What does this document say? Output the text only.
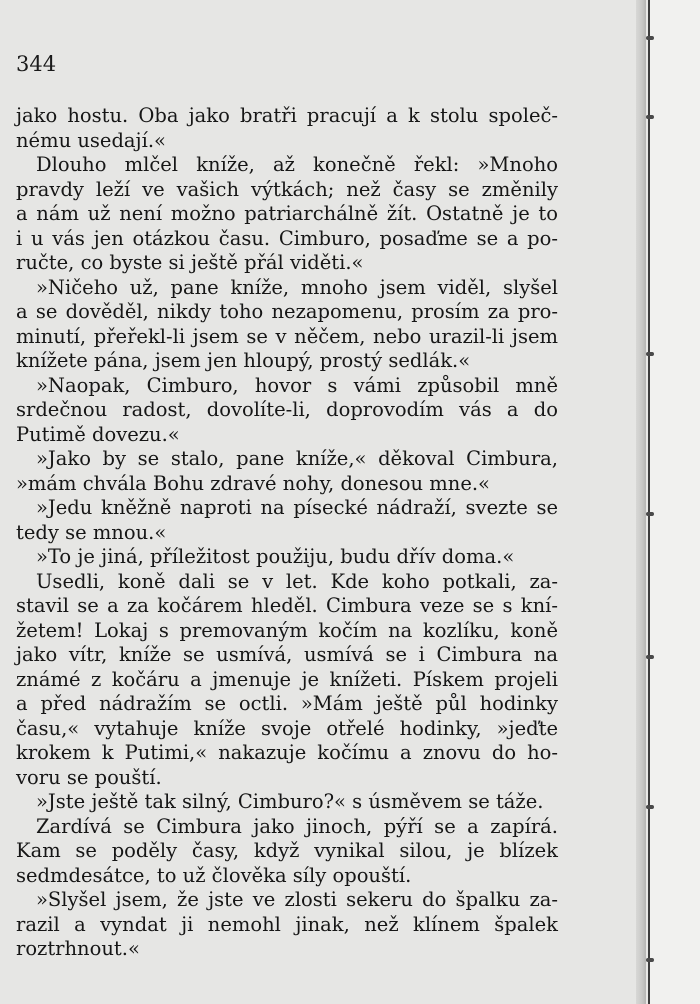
344

jako hostu. Oba jako bratři pracují a k stolu společ-

nému usedají.«

Dlouho mlčel kníže, až konečně řekl: »Mnoho

pravdy leží ve vašich výtkách; než časy se změnily

a nám už není možno patriarchálně žít. Ostatně je to

i u vás jen otázkou času. Cimburo, posaďme se a po-

ručte, co byste si ještě přál viděti.«

»Ničeho už, pane kníže, mnoho jsem viděl, slyšel

a se dověděl, nikdy toho nezapomenu, prosím za pro-

minutí, přeřekl-li jsem se v něčem, nebo urazil-li jsem

knížete pána, jsem jen hloupý, prostý sedlák.«

»Naopak, Cimburo, hovor s vámi způsobil mně

srdečnou radost, dovolíte-li, doprovodím vás a do

Putimě dovezu.«

»Jako by se stalo, pane kníže,« děkoval Cimbura,

»mám chvála Bohu zdravé nohy, donesou mne.«

»Jedu kněžně naproti na písecké nádraží, svezte se

tedy se mnou.«

»To je jiná, příležitost použiju, budu dřív doma.«

Usedli, koně dali se v let. Kde koho potkali, za-

stavil se a za kočárem hleděl. Cimbura veze se s kní-

žetem! Lokaj s premovaným kočím na kozlíku, koně

jako vítr, kníže se usmívá, usmívá se i Cimbura na

známé z kočáru a jmenuje je knížeti. Pískem projeli

a před nádražím se octli. »Mám ještě půl hodinky

času,« vytahuje kníže svoje otřelé hodinky, »jeďte

krokem k Putimi,« nakazuje kočímu a znovu do ho-

voru se pouští.

»Jste ještě tak silný, Cimburo?« s úsměvem se táže.

Zardívá se Cimbura jako jinoch, pýří se a zapírá.

Kam se poděly časy, když vynikal silou, je blízek

sedmdesátce, to už člověka síly opouští.

»Slyšel jsem, že jste ve zlosti sekeru do špalku za-

razil a vyndat ji nemohl jinak, než klínem špalek

roztrhnout.«
